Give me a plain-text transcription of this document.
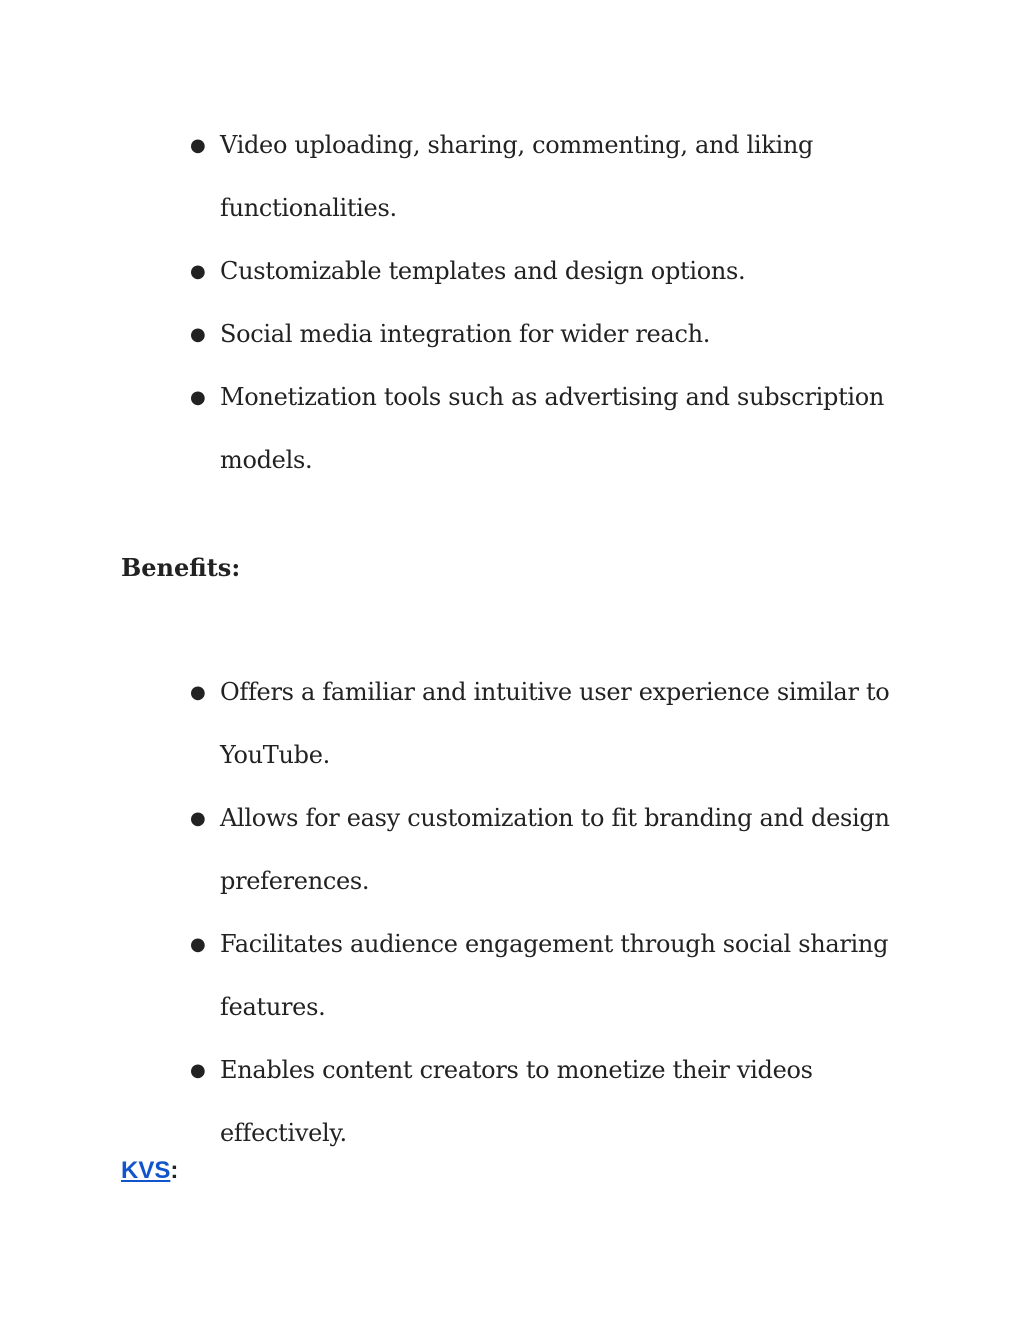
● Video uploading, sharing, commenting, and liking
functionalities.
● Customizable templates and design options.
● Social media integration for wider reach.
● Monetization tools such as advertising and subscription
models.
Benefits:
● Offers a familiar and intuitive user experience similar to
YouTube.
● Allows for easy customization to fit branding and design
preferences.
● Facilitates audience engagement through social sharing
features.
● Enables content creators to monetize their videos effectively.
KVS:
